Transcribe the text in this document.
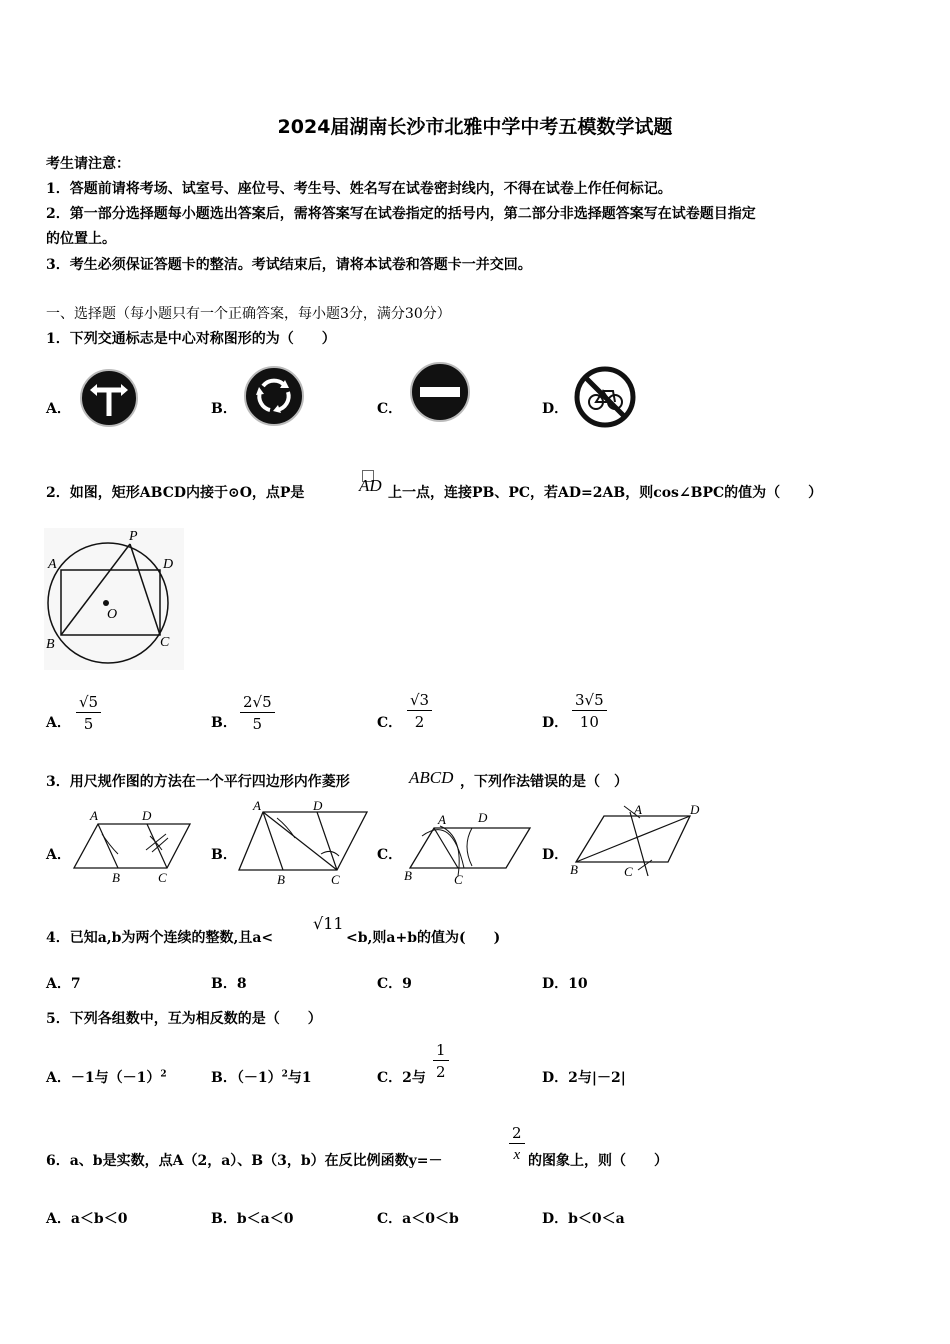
2024届湖南长沙市北雅中学中考五模数学试题
考生请注意：
1．答题前请将考场、试室号、座位号、考生号、姓名写在试卷密封线内，不得在试卷上作任何标记。
2．第一部分选择题每小题选出答案后，需将答案写在试卷指定的括号内，第二部分非选择题答案写在试卷题目指定
的位置上。
3．考生必须保证答题卡的整洁。考试结束后，请将本试卷和答题卡一并交回。
一、选择题（每小题只有一个正确答案，每小题3分，满分30分）
1．下列交通标志是中心对称图形的为（　　）
A．	B．	C．	D．
2．如图，矩形ABCD内接于⊙O，点P是	AD 上一点，连接PB、PC，若AD=2AB，则cos∠BPC的值为（　　）
A
B	C
D
P
O
A． $\frac{√5}{5}$	B． $\frac{2√5}{5}$	C． $\frac{√3}{2}$	D． $\frac{3√5}{10}$
3．用尺规作图的方法在一个平行四边形内作菱形	ABCD ，下列作法错误的是（　）
A．	B．	C．	D．
A	D
B	C
A	D
B	C
A D
B	C
A	D
B	C
4．已知a,b为两个连续的整数,且a<
√11
<b,则a+b的值为(　　)
A．7	B．8	C．9	D．10
5．下列各组数中，互为相反数的是（　　）
A．－1与$(-1)^2$	B．$(-1)^2$与1	C．2与 $\frac{1}{2}$	D．2与|－2|
6．a、b是实数，点A（2，a）、B（3，b）在反比例函数y=－	$\frac{2}{x}$ 的图象上，则（　　）
A．a＜b＜0	B．b＜a＜0	C．a＜0＜b	D．b＜0＜a
